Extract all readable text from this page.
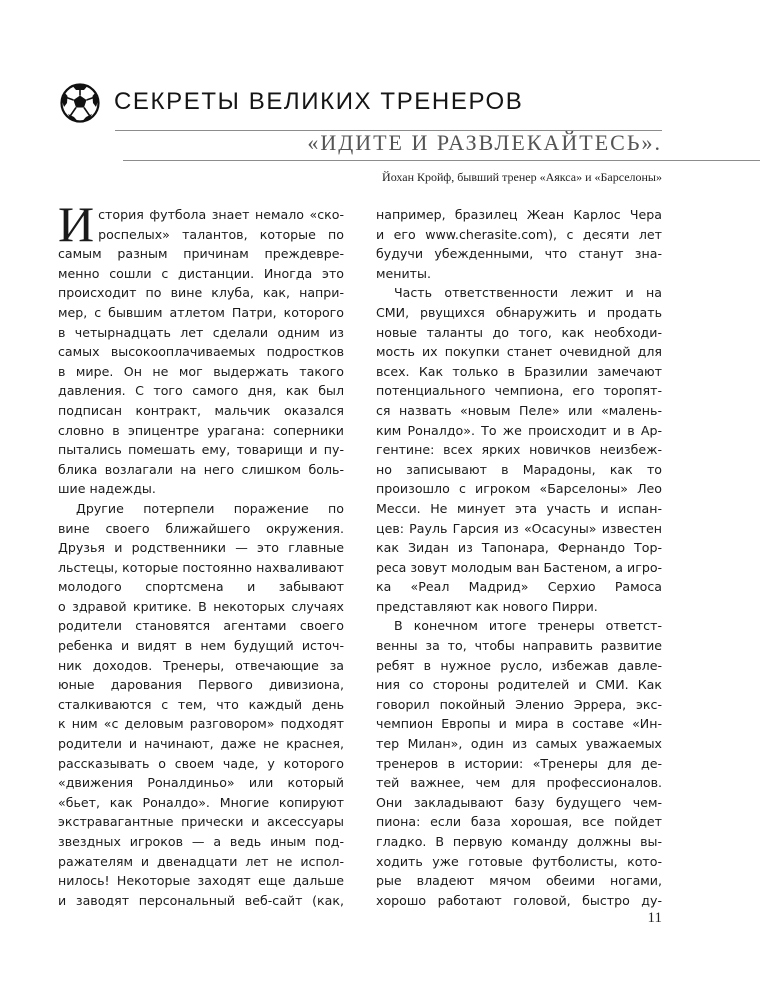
СЕКРЕТЫ ВЕЛИКИХ ТРЕНЕРОВ
«ИДИТЕ И РАЗВЛЕКАЙТЕСЬ».
Йохан Кройф, бывший тренер «Аякса» и «Барселоны»
И стория футбола знает немало «ско-
роспелых» талантов, которые по
самым разным причинам преждевре-
менно сошли с дистанции. Иногда это
происходит по вине клуба, как, напри-
мер, с бывшим атлетом Патри, которого
в четырнадцать лет сделали одним из
самых высокооплачиваемых подростков
в мире. Он не мог выдержать такого
давления. С того самого дня, как был
подписан контракт, мальчик оказался
словно в эпицентре урагана: соперники
пытались помешать ему, товарищи и пу-
блика возлагали на него слишком боль-
шие надежды.
Другие потерпели поражение по
вине своего ближайшего окружения.
Друзья и родственники — это главные
льстецы, которые постоянно нахваливают
молодого спортсмена и забывают
о здравой критике. В некоторых случаях
родители становятся агентами своего
ребенка и видят в нем будущий источ-
ник доходов. Тренеры, отвечающие за
юные дарования Первого дивизиона,
сталкиваются с тем, что каждый день
к ним «с деловым разговором» подходят
родители и начинают, даже не краснея,
рассказывать о своем чаде, у которого
«движения Роналдиньо» или который
«бьет, как Роналдо». Многие копируют
экстравагантные прически и аксессуары
звездных игроков — а ведь иным под-
ражателям и двенадцати лет не испол-
нилось! Некоторые заходят еще дальше
и заводят персональный веб-сайт (как,
например, бразилец Жеан Карлос Чера
и его www.cherasite.com), с десяти лет
будучи убежденными, что станут зна-
мениты.
Часть ответственности лежит и на
СМИ, рвущихся обнаружить и продать
новые таланты до того, как необходи-
мость их покупки станет очевидной для
всех. Как только в Бразилии замечают
потенциального чемпиона, его торопят-
ся назвать «новым Пеле» или «малень-
ким Роналдо». То же происходит и в Ар-
гентине: всех ярких новичков неизбеж-
но записывают в Марадоны, как то
произошло с игроком «Барселоны» Лео
Месси. Не минует эта участь и испан-
цев: Рауль Гарсия из «Осасуны» известен
как Зидан из Тапонара, Фернандо Тор-
реса зовут молодым ван Бастеном, а игро-
ка «Реал Мадрид» Серхио Рамоса
представляют как нового Пирри.
В конечном итоге тренеры ответст-
венны за то, чтобы направить развитие
ребят в нужное русло, избежав давле-
ния со стороны родителей и СМИ. Как
говорил покойный Эленио Эррера, экс-
чемпион Европы и мира в составе «Ин-
тер Милан», один из самых уважаемых
тренеров в истории: «Тренеры для де-
тей важнее, чем для профессионалов.
Они закладывают базу будущего чем-
пиона: если база хорошая, все пойдет
гладко. В первую команду должны вы-
ходить уже готовые футболисты, кото-
рые владеют мячом обеими ногами,
хорошо работают головой, быстро ду-
11
